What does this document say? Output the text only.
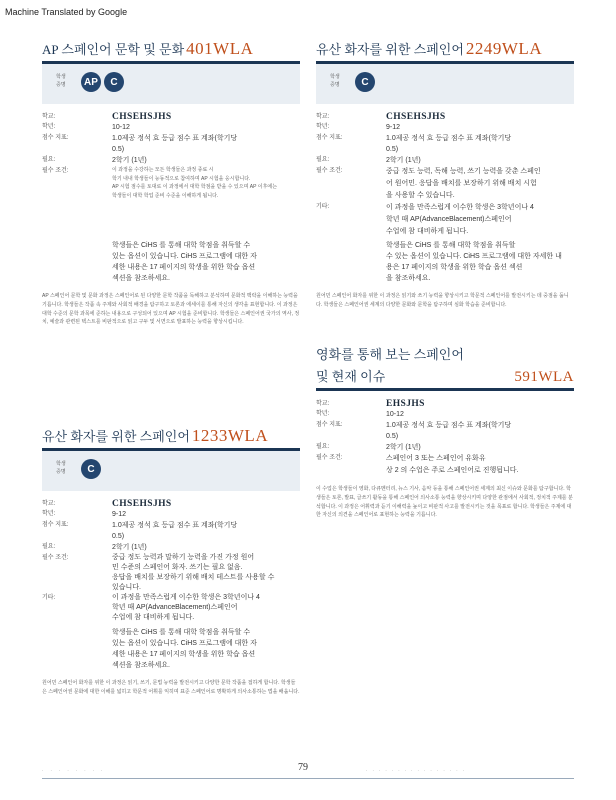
Machine Translated by Google
AP 스페인어 문학 및 문화 401WLA
학생
증명	AP	C
학교:	CHSEHSJHS
학년:	10-12
점수 지표:	1.0제공 정석 효 등급 점수 표 계좌(학기당
0.5)
필요:	2학기 (1년)
필수 조건:	이 과정을 수강하는 모든 학생들은 과정 종료 시
학기 내내 학생들이 능동적으로 참여하며 AP 시험을 응시합니다.
AP 시험 점수를 토대로 이 과정에서 대학 학점을 받을 수 있으며 AP 이후에는
학생들이 대학 학업 준비 수준을 이해하게 됩니다.
학생들은 CiHS 를 통해 대학 학점을 취득할 수
있는 옵션이 있습니다. CiHS 프로그램에 대한 자
세한 내용은 17 페이지의 학생을 위한 학습 옵션
섹션을 참조하세요.
AP 스페인어 문학 및 문화 과정은 스페인어로 된 다양한 문학 작품을 독해하고 분석하며 문화적 맥락을 이해하는 능력을 기릅니다. 학생들은 작품 속 주제와 사회적 배경을 탐구하고 토론과 에세이를 통해 자신의 생각을 표현합니다. 이 과정은 대학 수준의 문학 과목에 준하는 내용으로 구성되어 있으며 AP 시험을 준비합니다. 학생들은 스페인어권 국가의 역사, 정치, 예술과 관련된 텍스트를 비판적으로 읽고 구두 및 서면으로 발표하는 능력을 향상시킵니다.
유산 화자를 위한 스페인어 1233WLA
학생
증명	C
학교:	CHSEHSJHS
학년:	9-12
점수 지표:	1.0제공 정석 효 등급 점수 표 계좌(학기당
0.5)
필요:	2학기 (1년)
필수 조건:	중급 정도 능력과 말하기 능력을 가진 가정 원어
민 수준의 스페인어 화자. 쓰기는 필요 없음.
응답을 배치를 보장하기 위해 배치 테스트를 사용할 수
있습니다.
기타:	이 과정을 만족스럽게 이수한 학생은 3학년이나 4
학년 때 AP(AdvanceBlacement)스페인어
수업에 참 대비하게 됩니다.
학생들은 CiHS 를 통해 대학 학점을 취득할 수
있는 옵션이 있습니다. CiHS 프로그램에 대한 자
세한 내용은 17 페이지의 학생을 위한 학습 옵션
섹션을 참조하세요.
원어민 스페인어 화자를 위한 이 과정은 읽기, 쓰기, 문법 능력을 발전시키고 다양한 문학 작품을 접하게 합니다. 학생들은 스페인어권 문화에 대한 이해를 넓히고 학문적 어휘를 익히며 표준 스페인어로 명확하게 의사소통하는 법을 배웁니다.
유산 화자를 위한 스페인어 2249WLA
학생
증명	C
학교:	CHSEHSJHS
학년:	9-12
점수 지표:	1.0제공 정석 효 등급 점수 표 계좌(학기당
0.5)
필요:	2학기 (1년)
필수 조건:	중급 정도 능력, 독해 능력, 쓰기 능력을 갖춘 스페인
어 원어민. 응답을 배치를 보장하기 위해 배치 시험
을 사용할 수 있습니다.
기타:	이 과정을 만족스럽게 이수한 학생은 3학년이나 4
학년 때 AP(AdvanceBlacement)스페인어
수업에 참 대비하게 됩니다.
학생들은 CiHS 를 통해 대학 학점을 취득할
수 있는 옵션이 있습니다. CiHS 프로그램에 대한 자세한 내
용은 17 페이지의 학생을 위한 학습 옵션 섹션
을 참조하세요.
원어민 스페인어 화자를 위한 이 과정은 읽기와 쓰기 능력을 향상시키고 학문적 스페인어를 발전시키는 데 중점을 둡니다. 학생들은 스페인어권 세계의 다양한 문화와 문학을 탐구하며 심화 학습을 준비합니다.
영화를 통해 보는 스페인어
및 현재 이슈	591WLA
학교:	EHSJHS
학년:	10-12
점수 지표:	1.0제공 정석 효 등급 점수 표 계좌(학기당
0.5)
필요:	2학기 (1년)
필수 조건:	스페인어 3 또는 스페인어 유화유
상 2 의 수업은 주로 스페인어로 진행됩니다.
이 수업은 학생들이 영화, 다큐멘터리, 뉴스 기사, 음악 등을 통해 스페인어권 세계의 최신 이슈와 문화를 탐구합니다. 학생들은 토론, 발표, 글쓰기 활동을 통해 스페인어 의사소통 능력을 향상시키며 다양한 관점에서 사회적, 정치적 주제를 분석합니다. 이 과정은 어휘력과 듣기 이해력을 높이고 비판적 사고를 발전시키는 것을 목표로 합니다. 학생들은 주제에 대한 자신의 의견을 스페인어로 표현하는 능력을 기릅니다.
· · · · · · · ·	79	· · · · · · · · · · · · · · · ·
